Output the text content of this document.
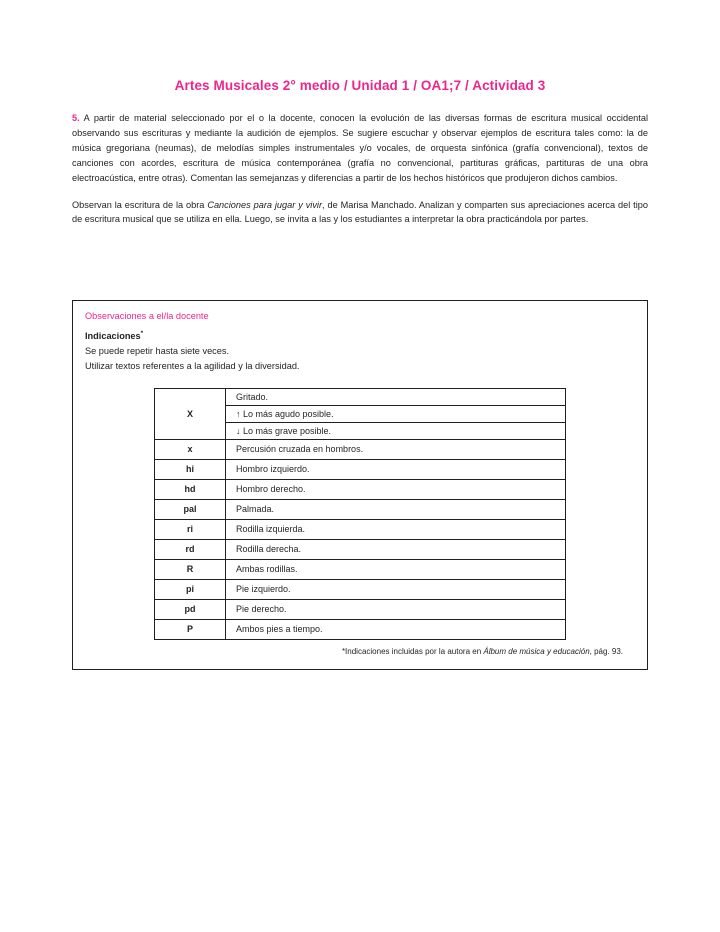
Artes Musicales 2° medio / Unidad 1 / OA1;7 / Actividad 3

5. A partir de material seleccionado por el o la docente, conocen la evolución de las diversas formas de escritura musical occidental observando sus escrituras y mediante la audición de ejemplos. Se sugiere escuchar y observar ejemplos de escritura tales como: la de música gregoriana (neumas), de melodías simples instrumentales y/o vocales, de orquesta sinfónica (grafía convencional), textos de canciones con acordes, escritura de música contemporánea (grafía no convencional, partituras gráficas, partituras de una obra electroacústica, entre otras). Comentan las semejanzas y diferencias a partir de los hechos históricos que produjeron dichos cambios.

Observan la escritura de la obra Canciones para jugar y vivir, de Marisa Manchado. Analizan y comparten sus apreciaciones acerca del tipo de escritura musical que se utiliza en ella. Luego, se invita a las y los estudiantes a interpretar la obra practicándola por partes.

Observaciones a el/la docente

Indicaciones*

Se puede repetir hasta siete veces.

Utilizar textos referentes a la agilidad y la diversidad.

X	Gritado.
↑ Lo más agudo posible.
↓ Lo más grave posible.

x	Percusión cruzada en hombros.
hi	Hombro izquierdo.
hd	Hombro derecho.
pal	Palmada.
ri	Rodilla izquierda.
rd	Rodilla derecha.
R	Ambas rodillas.
pi	Pie izquierdo.
pd	Pie derecho.
P	Ambos pies a tiempo.

*Indicaciones incluidas por la autora en Álbum de música y educación, pág. 93.
